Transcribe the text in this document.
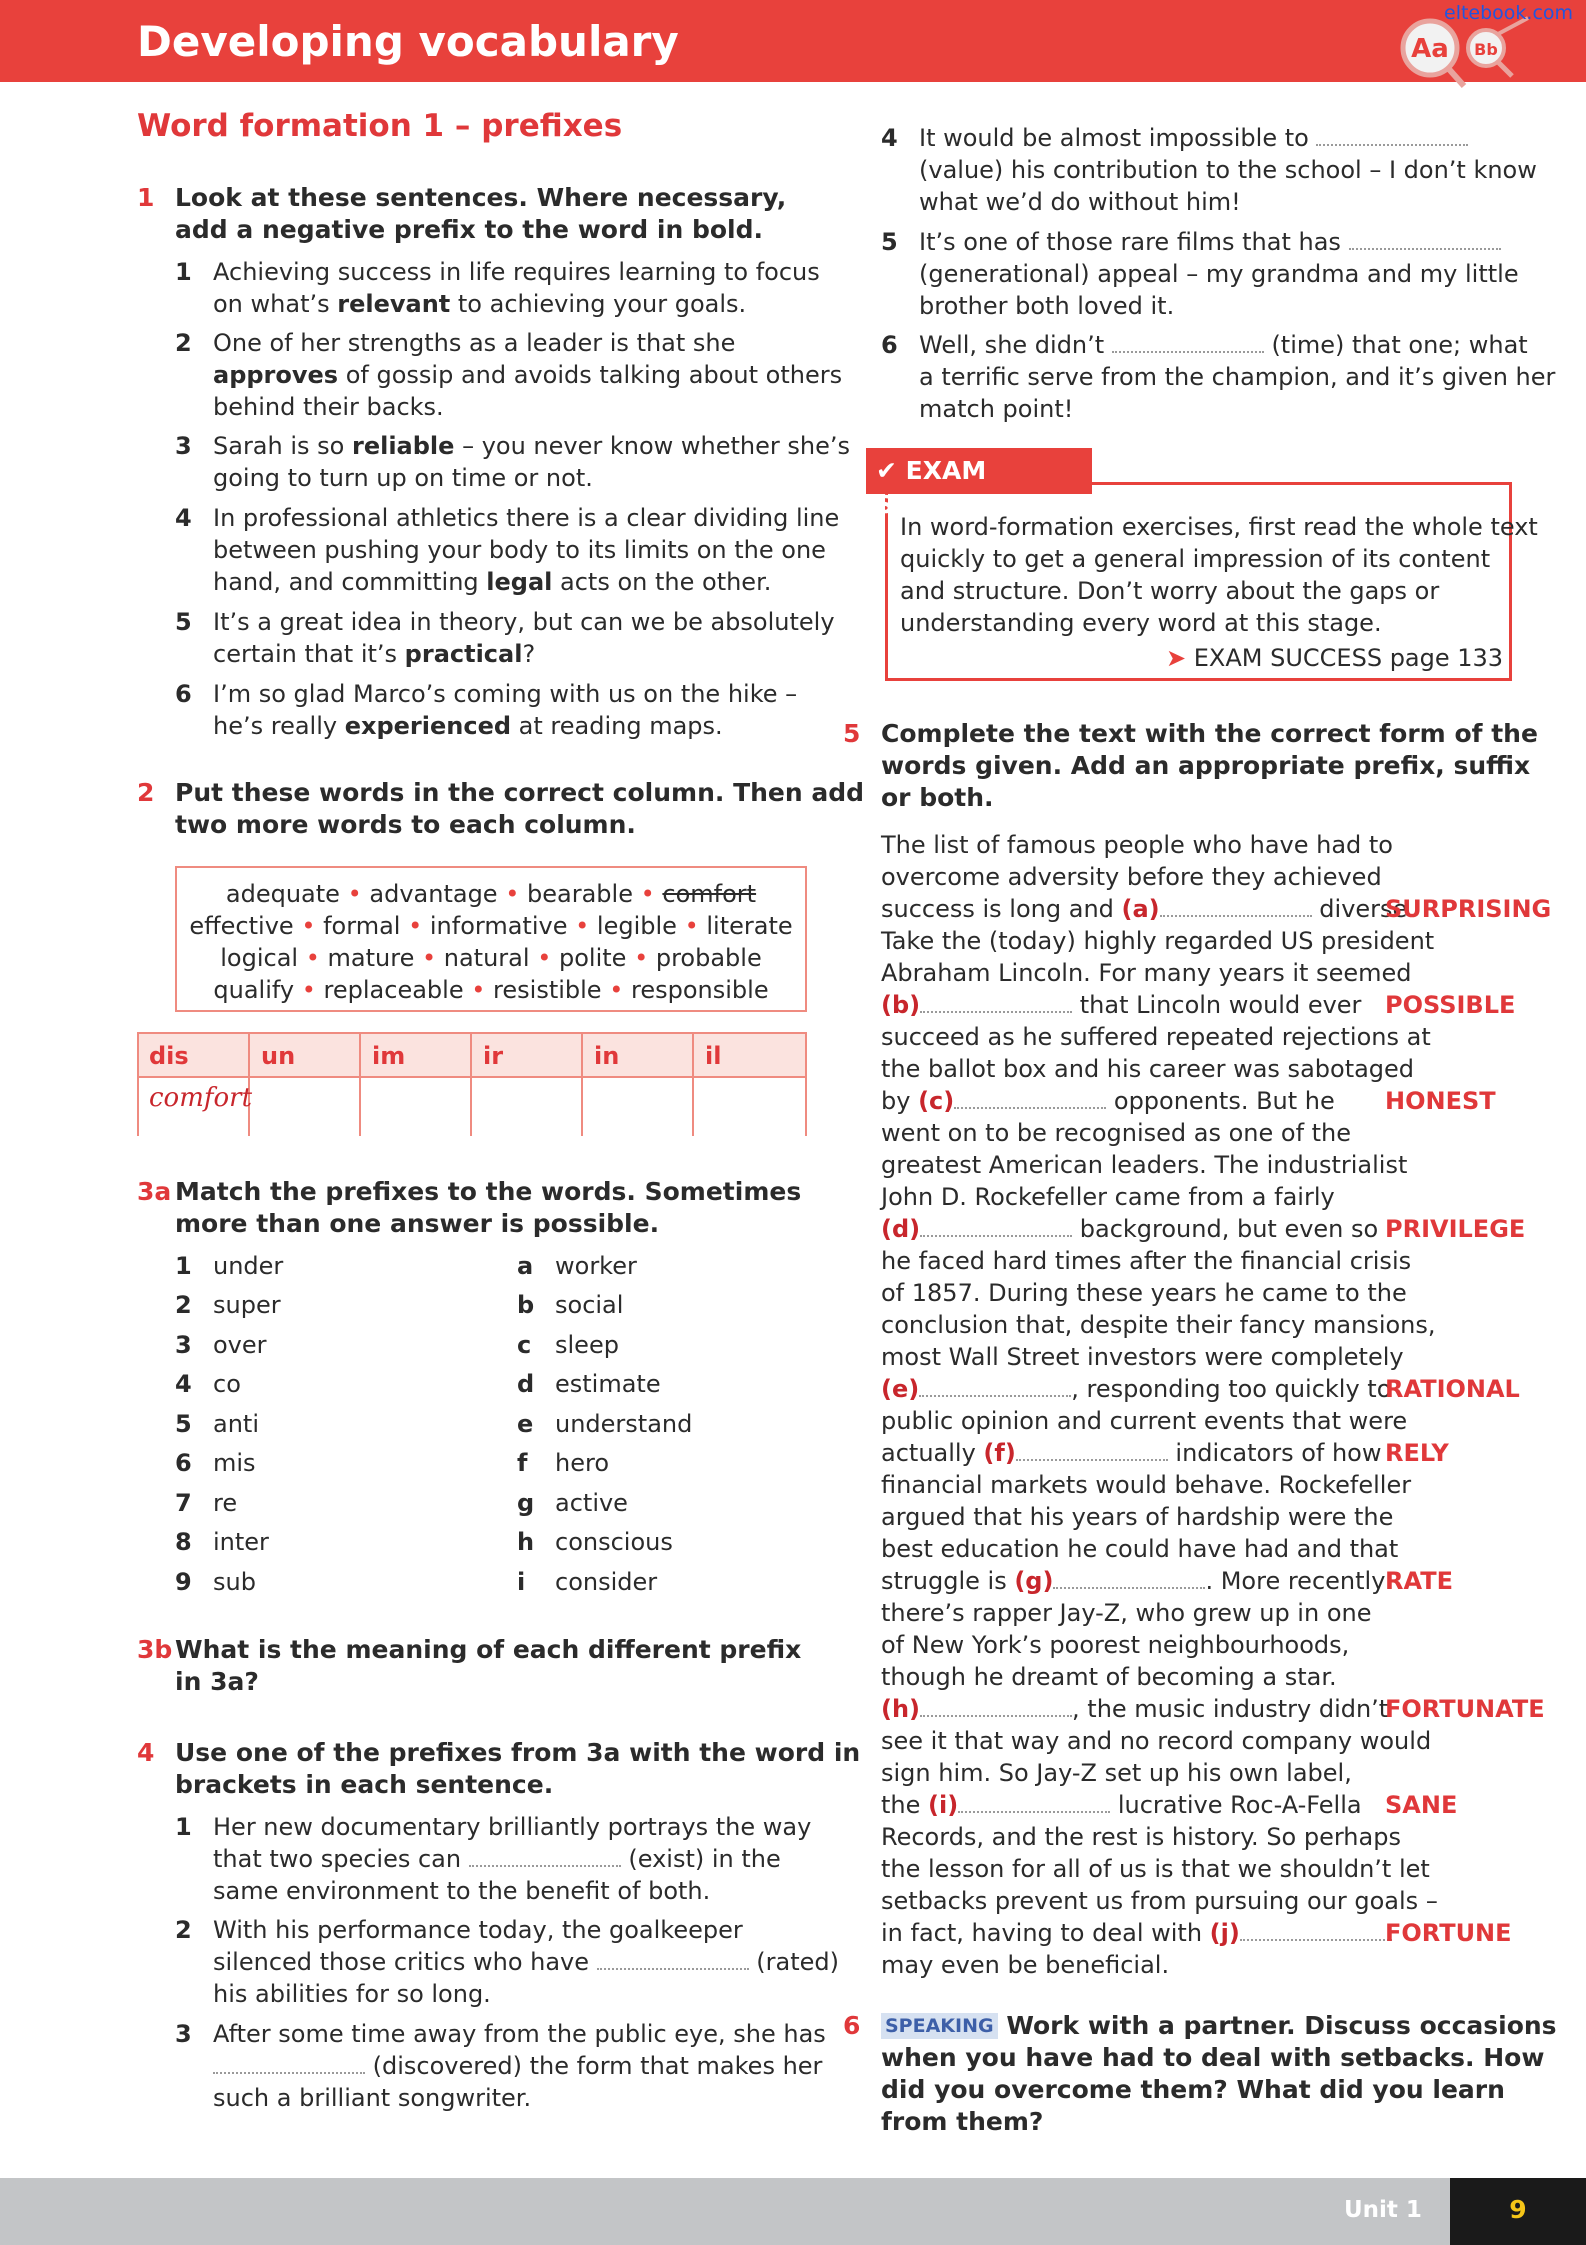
Developing vocabulary	Aa Bb
eltebook.com
Word formation 1 – prefixes
1 Look at these sentences. Where necessary, add a negative prefix to the word in bold.
1 Achieving success in life requires learning to focus
on what’s relevant to achieving your goals.
2 One of her strengths as a leader is that she
approves of gossip and avoids talking about others
behind their backs.
3 Sarah is so reliable – you never know whether she’s
going to turn up on time or not.
4 In professional athletics there is a clear dividing line
between pushing your body to its limits on the one
hand, and committing legal acts on the other.
5 It’s a great idea in theory, but can we be absolutely
certain that it’s practical?
6 I’m so glad Marco’s coming with us on the hike –
he’s really experienced at reading maps.
2 Put these words in the correct column. Then add
two more words to each column.
adequate • advantage • bearable • comfort
effective • formal • informative • legible • literate
logical • mature • natural • polite • probable
qualify • replaceable • resistible • responsible
dis	un	im	ir	in	il
comfort
3a Match the prefixes to the words. Sometimes
more than one answer is possible.
1 under
2 super
3 over
4 co
5 anti
6 mis
7 re
8 inter
9 sub
a worker
b social
c sleep
d estimate
e understand
f hero
g active
h conscious
i consider
3b What is the meaning of each different prefix
in 3a?
4 Use one of the prefixes from 3a with the word in
brackets in each sentence.
1 Her new documentary brilliantly portrays the way
that two species can	(exist) in the
same environment to the benefit of both.
2 With his performance today, the goalkeeper
silenced those critics who have	(rated)
his abilities for so long.
3 After some time away from the public eye, she has
(discovered) the form that makes her
such a brilliant songwriter.
4 It would be almost impossible to
(value) his contribution to the school – I don’t know
what we’d do without him!
5 It’s one of those rare films that has
(generational) appeal – my grandma and my little
brother both loved it.
6 Well, she didn’t	(time) that one; what
a terrific serve from the champion, and it’s given her
match point!
✔ EXAM SUCCESS
In word-formation exercises, first read the whole text
quickly to get a general impression of its content
and structure. Don’t worry about the gaps or
understanding every word at this stage.
➤ EXAM SUCCESS page 133
5 Complete the text with the correct form of the
words given. Add an appropriate prefix, suffix
or both.
The list of famous people who have had to
overcome adversity before they achieved
success is long and (a)	diverse.
SURPRISING
Take the (today) highly regarded US president
Abraham Lincoln. For many years it seemed
(b)	that Lincoln would ever POSSIBLE
succeed as he suffered repeated rejections at
the ballot box and his career was sabotaged
by (c)	opponents. But he HONEST
went on to be recognised as one of the
greatest American leaders. The industrialist
John D. Rockefeller came from a fairly
(d)	background, but even so PRIVILEGE
he faced hard times after the financial crisis
of 1857. During these years he came to the
conclusion that, despite their fancy mansions,
most Wall Street investors were completely
(e)	, responding too quickly to
RATIONAL
public opinion and current events that were
actually (f)	indicators of how RELY
financial markets would behave. Rockefeller
argued that his years of hardship were the
best education he could have had and that
struggle is (g)	. More recently RATE
there’s rapper Jay-Z, who grew up in one
of New York’s poorest neighbourhoods,
though he dreamt of becoming a star.
(h)	, the music industry didn’t
FORTUNATE
see it that way and no record company would
sign him. So Jay-Z set up his own label,
the (i)	lucrative Roc-A-Fella SANE
Records, and the rest is history. So perhaps
the lesson for all of us is that we shouldn’t let
setbacks prevent us from pursuing our goals –
in fact, having to deal with (j)	FORTUNE
may even be beneficial.
6 SPEAKING Work with a partner. Discuss occasions
when you have had to deal with setbacks. How
did you overcome them? What did you learn
from them?
Unit 1	9
